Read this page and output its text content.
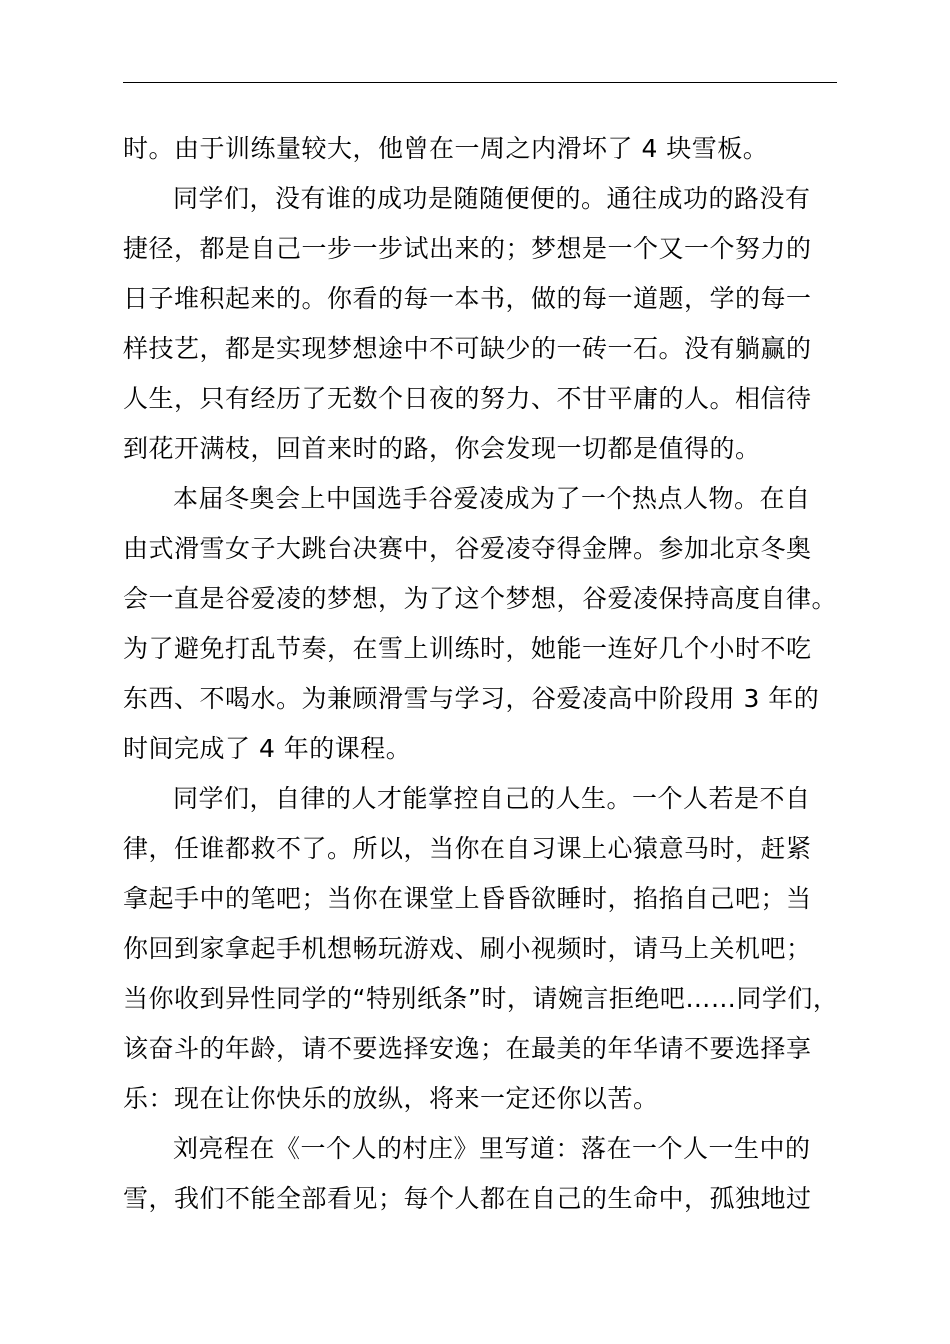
时。由于训练量较大，他曾在一周之内滑坏了 4 块雪板。
同学们，没有谁的成功是随随便便的。通往成功的路没有
捷径，都是自己一步一步试出来的；梦想是一个又一个努力的
日子堆积起来的。你看的每一本书，做的每一道题，学的每一
样技艺，都是实现梦想途中不可缺少的一砖一石。没有躺赢的
人生，只有经历了无数个日夜的努力、不甘平庸的人。相信待
到花开满枝，回首来时的路，你会发现一切都是值得的。
本届冬奥会上中国选手谷爱凌成为了一个热点人物。在自
由式滑雪女子大跳台决赛中，谷爱凌夺得金牌。参加北京冬奥
会一直是谷爱凌的梦想，为了这个梦想，谷爱凌保持高度自律。
为了避免打乱节奏，在雪上训练时，她能一连好几个小时不吃
东西、不喝水。为兼顾滑雪与学习，谷爱凌高中阶段用 3 年的
时间完成了 4 年的课程。
同学们，自律的人才能掌控自己的人生。一个人若是不自
律，任谁都救不了。所以，当你在自习课上心猿意马时，赶紧
拿起手中的笔吧；当你在课堂上昏昏欲睡时，掐掐自己吧；当
你回到家拿起手机想畅玩游戏、刷小视频时，请马上关机吧；
当你收到异性同学的“特别纸条”时，请婉言拒绝吧……同学们，
该奋斗的年龄，请不要选择安逸；在最美的年华请不要选择享
乐：现在让你快乐的放纵，将来一定还你以苦。
刘亮程在《一个人的村庄》里写道：落在一个人一生中的
雪，我们不能全部看见；每个人都在自己的生命中，孤独地过
